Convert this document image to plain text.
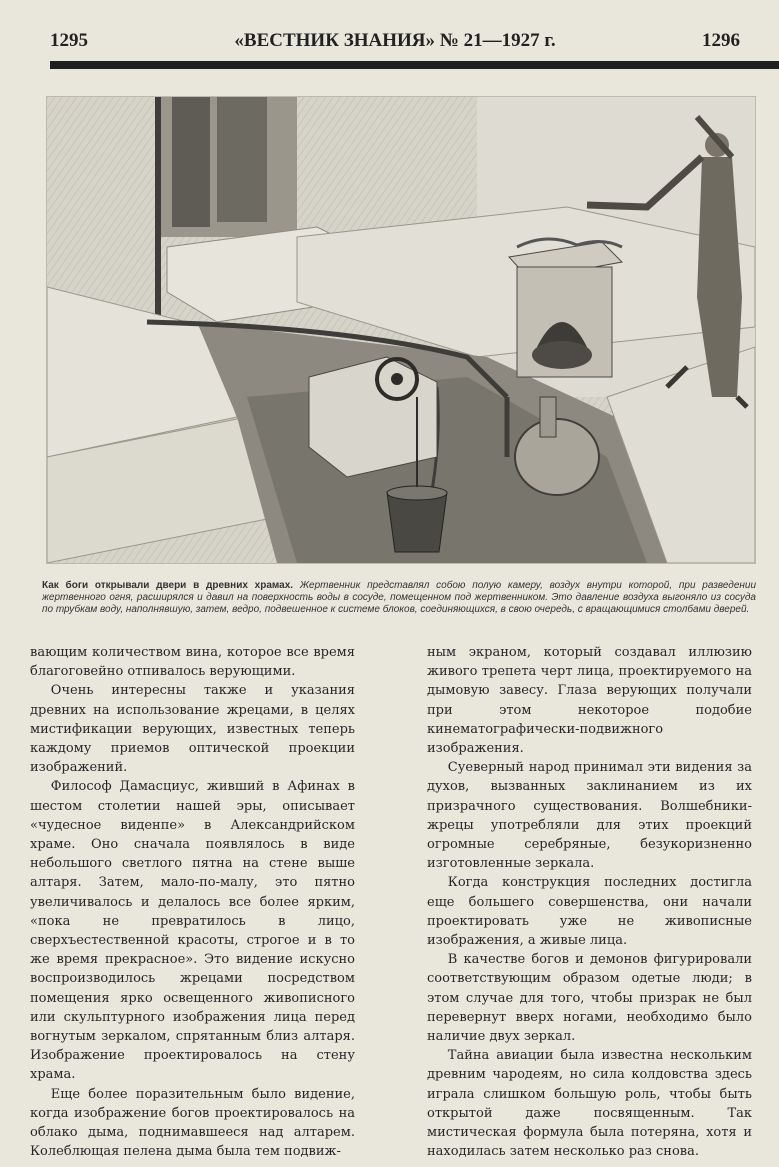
1295	«ВЕСТНИК ЗНАНИЯ» № 21—1927 г.	1296
Как боги открывали двери в древних храмах. Жертвенник представлял собою полую камеру, воздух внутри которой, при разведении жертвенного огня, расширялся и давил на поверхность воды в сосуде, помещенном под жертвенником. Это давление воздуха выгоняло из сосуда по трубкам воду, наполнявшую, затем, ведро, подвешенное к системе блоков, соединяющихся, в свою очередь, с вращающимися столбами дверей.

вающим количеством вина, которое все время благоговейно отпивалось верующими.

Очень интересны также и указания древних на использование жрецами, в целях мистификации верующих, известных теперь каждому приемов оптической проекции изображений.

Философ Дамасциус, живший в Афинах в шестом столетии нашей эры, описывает «чудесное виденпе» в Александрийском храме. Оно сначала появлялось в виде небольшого светлого пятна на стене выше алтаря. Затем, мало-по-малу, это пятно увеличивалось и делалось все более ярким, «пока не превратилось в лицо, сверхъестественной красоты, строгое и в то же время прекрасное». Это видение искусно воспроизводилось жрецами посредством помещения ярко освещенного живописного или скульптурного изображения лица перед вогнутым зеркалом, спрятанным близ алтаря. Изображение проектировалось на стену храма.

Еще более поразительным было видение, когда изображение богов проектировалось на облако дыма, поднимавшееся над алтарем. Колеблющая пелена дыма была тем подвиж-

ным экраном, который создавал иллюзию живого трепета черт лица, проектируемого на дымовую завесу. Глаза верующих получали при этом некоторое подобие кинематографически-подвижного изображения.

Суеверный народ принимал эти видения за духов, вызванных заклинанием из их призрачного существования. Волшебники-жрецы употребляли для этих проекций огромные серебряные, безукоризненно изготовленные зеркала.

Когда конструкция последних достигла еще большего совершенства, они начали проектировать уже не живописные изображения, а живые лица.

В качестве богов и демонов фигурировали соответствующим образом одетые люди; в этом случае для того, чтобы призрак не был перевернут вверх ногами, необходимо было наличие двух зеркал.

Тайна авиации была известна нескольким древним чародеям, но сила колдовства здесь играла слишком большую роль, чтобы быть открытой даже посвященным. Так мистическая формула была потеряна, хотя и находилась затем несколько раз снова.
